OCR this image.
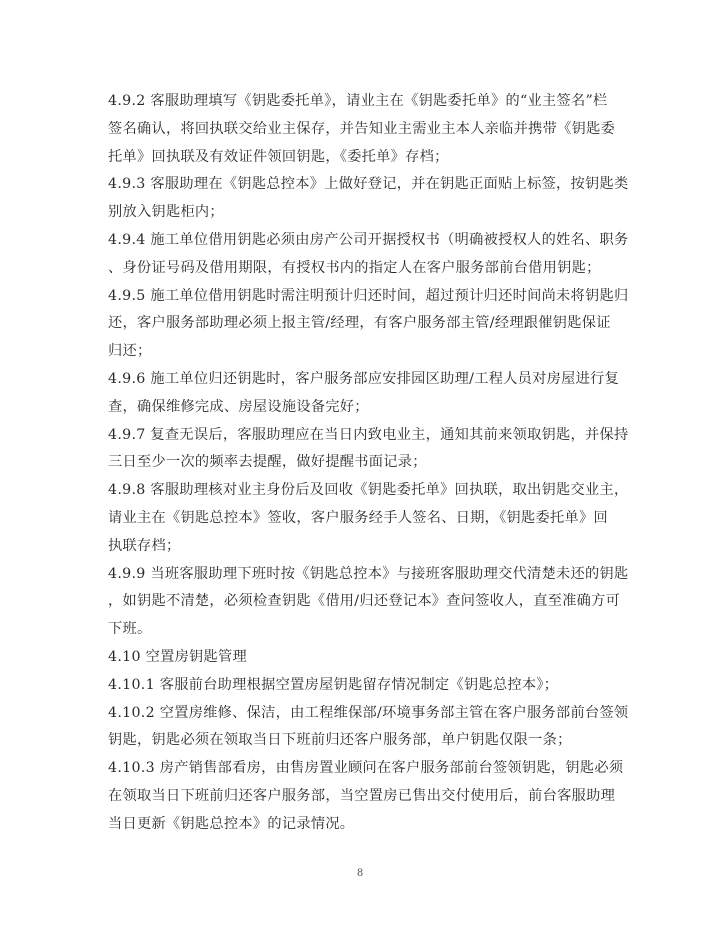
4.9.2 客服助理填写《钥匙委托单》，请业主在《钥匙委托单》的“业主签名”栏
签名确认，将回执联交给业主保存，并告知业主需业主本人亲临并携带《钥匙委
托单》回执联及有效证件领回钥匙，《委托单》存档；
4.9.3 客服助理在《钥匙总控本》上做好登记，并在钥匙正面贴上标签，按钥匙类
别放入钥匙柜内；
4.9.4 施工单位借用钥匙必须由房产公司开据授权书（明确被授权人的姓名、职务
、身份证号码及借用期限，有授权书内的指定人在客户服务部前台借用钥匙；
4.9.5 施工单位借用钥匙时需注明预计归还时间，超过预计归还时间尚未将钥匙归
还，客户服务部助理必须上报主管/经理，有客户服务部主管/经理跟催钥匙保证
归还；
4.9.6 施工单位归还钥匙时，客户服务部应安排园区助理/工程人员对房屋进行复
查，确保维修完成、房屋设施设备完好；
4.9.7 复查无误后，客服助理应在当日内致电业主，通知其前来领取钥匙，并保持
三日至少一次的频率去提醒，做好提醒书面记录；
4.9.8 客服助理核对业主身份后及回收《钥匙委托单》回执联，取出钥匙交业主，
请业主在《钥匙总控本》签收，客户服务经手人签名、日期，《钥匙委托单》回
执联存档；
4.9.9 当班客服助理下班时按《钥匙总控本》与接班客服助理交代清楚未还的钥匙
，如钥匙不清楚，必须检查钥匙《借用/归还登记本》查问签收人，直至准确方可
下班。
4.10 空置房钥匙管理
4.10.1 客服前台助理根据空置房屋钥匙留存情况制定《钥匙总控本》；
4.10.2 空置房维修、保洁，由工程维保部/环境事务部主管在客户服务部前台签领
钥匙，钥匙必须在领取当日下班前归还客户服务部，单户钥匙仅限一条；
4.10.3 房产销售部看房，由售房置业顾问在客户服务部前台签领钥匙，钥匙必须
在领取当日下班前归还客户服务部，当空置房已售出交付使用后，前台客服助理
当日更新《钥匙总控本》的记录情况。
8
